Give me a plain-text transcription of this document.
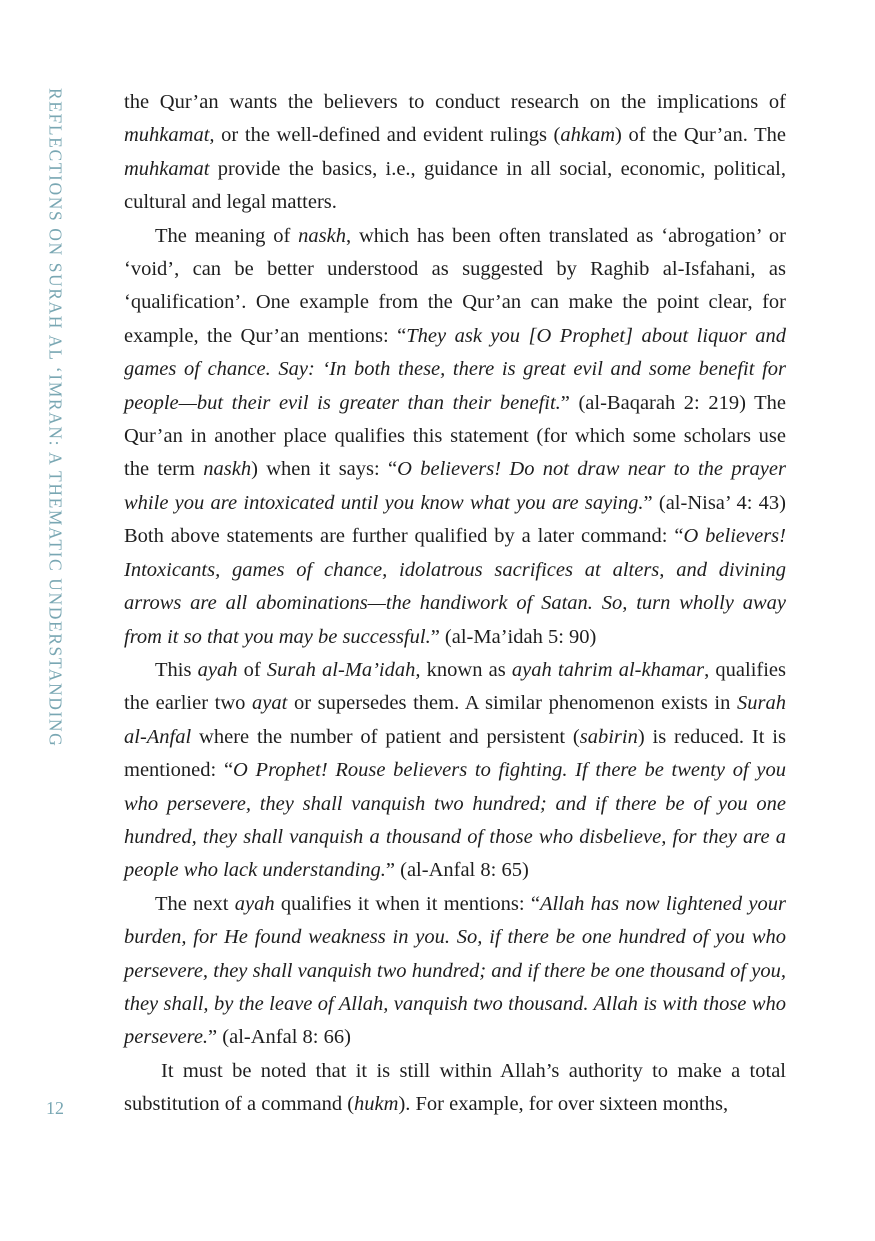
REFLECTIONS ON SURAH AL ‘IMRAN: A THEMATIC UNDERSTANDING
12

the Qur’an wants the believers to conduct research on the implications of muhkamat, or the well-defined and evident rulings (ahkam) of the Qur’an. The muhkamat provide the basics, i.e., guidance in all social, economic, political, cultural and legal matters.

The meaning of naskh, which has been often translated as ‘abrogation’ or ‘void’, can be better understood as suggested by Raghib al-Isfahani, as ‘qualification’. One example from the Qur’an can make the point clear, for example, the Qur’an mentions: “They ask you [O Prophet] about liquor and games of chance. Say: ‘In both these, there is great evil and some benefit for people—but their evil is greater than their benefit.” (al-Baqarah 2: 219) The Qur’an in another place qualifies this statement (for which some scholars use the term naskh) when it says: “O believers! Do not draw near to the prayer while you are intoxicated until you know what you are saying.” (al-Nisa’ 4: 43) Both above statements are further qualified by a later command: “O believers! Intoxicants, games of chance, idolatrous sacrifices at alters, and divining arrows are all abominations—the handiwork of Satan. So, turn wholly away from it so that you may be successful.” (al-Ma’idah 5: 90)

This ayah of Surah al-Ma’idah, known as ayah tahrim al-khamar, qualifies the earlier two ayat or supersedes them. A similar phenomenon exists in Surah al-Anfal where the number of patient and persistent (sabirin) is reduced. It is mentioned: “O Prophet! Rouse believers to fighting. If there be twenty of you who persevere, they shall vanquish two hundred; and if there be of you one hundred, they shall vanquish a thousand of those who disbelieve, for they are a people who lack understanding.” (al-Anfal 8: 65)

The next ayah qualifies it when it mentions: “Allah has now lightened your burden, for He found weakness in you. So, if there be one hundred of you who persevere, they shall vanquish two hundred; and if there be one thousand of you, they shall, by the leave of Allah, vanquish two thousand. Allah is with those who persevere.” (al-Anfal 8: 66)

It must be noted that it is still within Allah’s authority to make a total substitution of a command (hukm). For example, for over sixteen months,
